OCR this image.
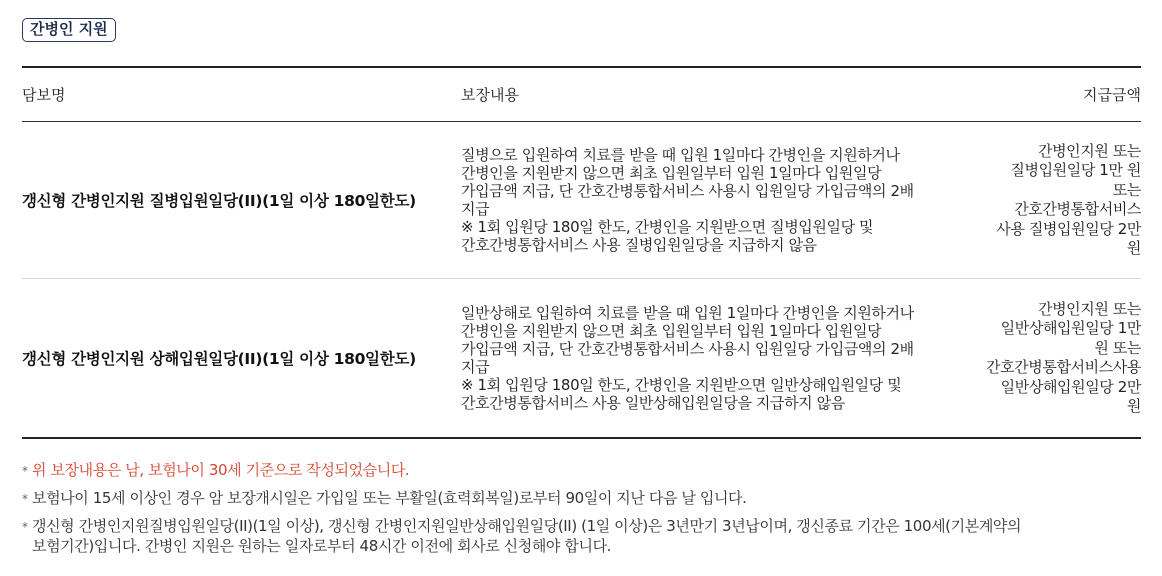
간병인 지원
담보명	보장내용	지급금액
갱신형 간병인지원 질병입원일당(II)(1일 이상 180일한도)
질병으로 입원하여 치료를 받을 때 입원 1일마다 간병인을 지원하거나
간병인을 지원받지 않으면 최초 입원일부터 입원 1일마다 입원일당
가입금액 지급, 단 간호간병통합서비스 사용시 입원일당 가입금액의 2배
지급
※ 1회 입원당 180일 한도, 간병인을 지원받으면 질병입원일당 및
간호간병통합서비스 사용 질병입원일당을 지급하지 않음
간병인지원 또는
질병입원일당 1만 원
또는
간호간병통합서비스
사용 질병입원일당 2만
원
갱신형 간병인지원 상해입원일당(II)(1일 이상 180일한도)
일반상해로 입원하여 치료를 받을 때 입원 1일마다 간병인을 지원하거나
간병인을 지원받지 않으면 최초 입원일부터 입원 1일마다 입원일당
가입금액 지급, 단 간호간병통합서비스 사용시 입원일당 가입금액의 2배
지급
※ 1회 입원당 180일 한도, 간병인을 지원받으면 일반상해입원일당 및
간호간병통합서비스 사용 일반상해입원일당을 지급하지 않음
간병인지원 또는
일반상해입원일당 1만
원 또는
간호간병통합서비스사용
일반상해입원일당 2만
원
* 위 보장내용은 남, 보험나이 30세 기준으로 작성되었습니다.
* 보험나이 15세 이상인 경우 암 보장개시일은 가입일 또는 부활일(효력회복일)로부터 90일이 지난 다음 날 입니다.
* 갱신형 간병인지원질병입원일당(II)(1일 이상), 갱신형 간병인지원일반상해입원일당(II) (1일 이상)은 3년만기 3년납이며, 갱신종료 기간은 100세(기본계약의
보험기간)입니다. 간병인 지원은 원하는 일자로부터 48시간 이전에 회사로 신청해야 합니다.
